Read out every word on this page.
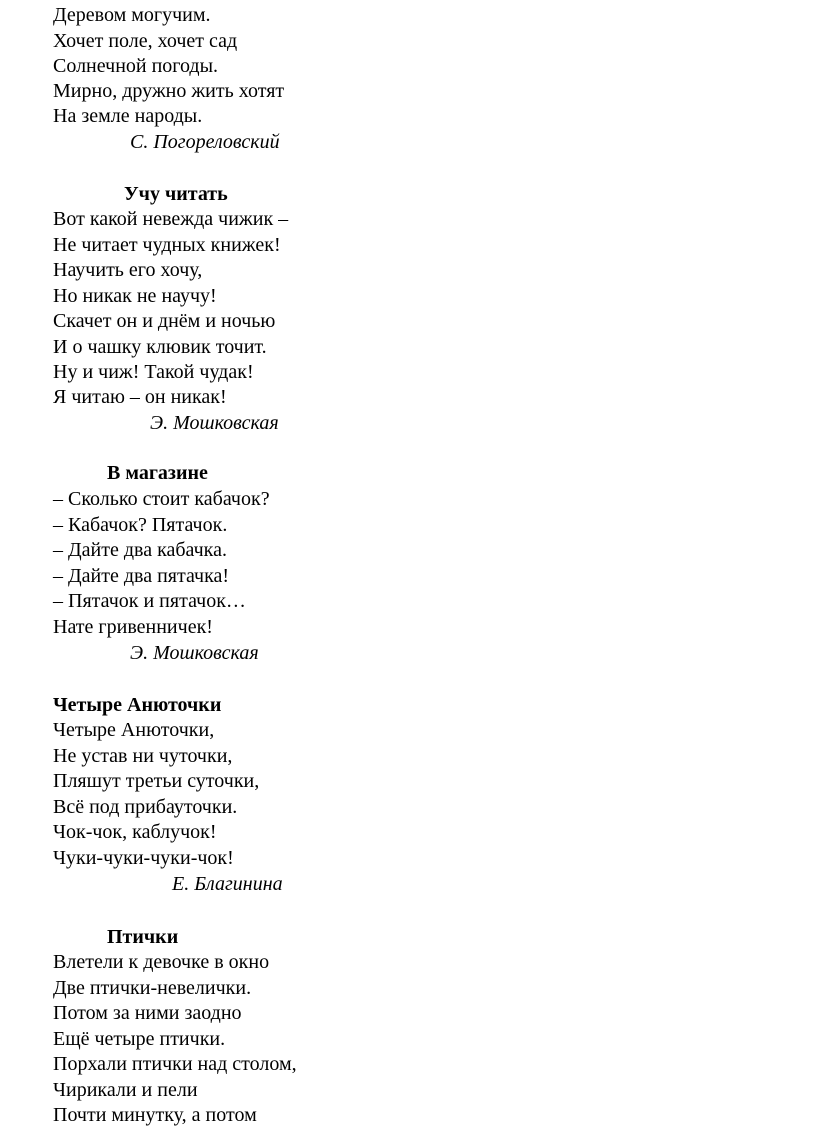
Деревом могучим.
Хочет поле, хочет сад
Солнечной погоды.
Мирно, дружно жить хотят
На земле народы.
С. Погореловский
Учу читать
Вот какой невежда чижик –
Не читает чудных книжек!
Научить его хочу,
Но никак не научу!
Скачет он и днём и ночью
И о чашку клювик точит.
Ну и чиж! Такой чудак!
Я читаю – он никак!
Э. Мошковская
В магазине
– Сколько стоит кабачок?
– Кабачок? Пятачок.
– Дайте два кабачка.
– Дайте два пятачка!
– Пятачок и пятачок…
Нате гривенничек!
Э. Мошковская
Четыре Анюточки
Четыре Анюточки,
Не устав ни чуточки,
Пляшут третьи суточки,
Всё под прибауточки.
Чок-чок, каблучок!
Чуки-чуки-чуки-чок!
Е. Благинина
Птички
Влетели к девочке в окно
Две птички-невелички.
Потом за ними заодно
Ещё четыре птички.
Порхали птички над столом,
Чирикали и пели
Почти минутку, а потом
